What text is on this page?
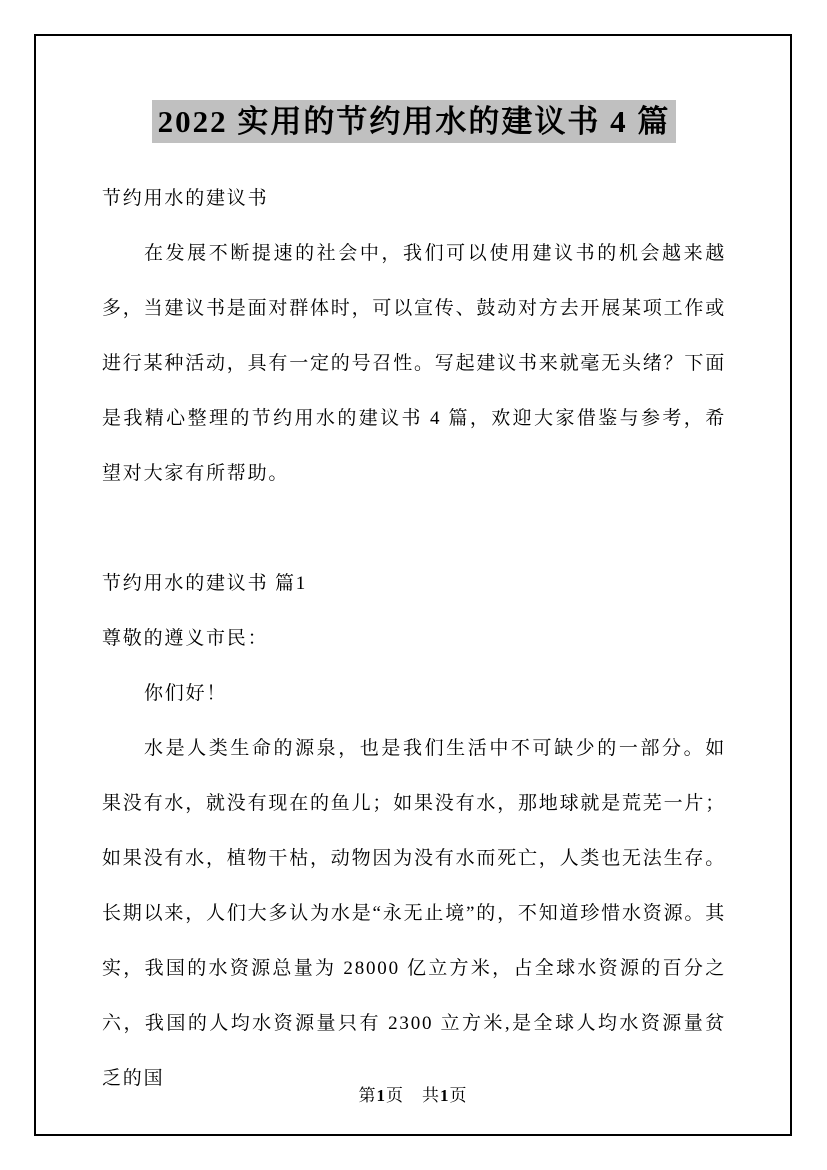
2022 实用的节约用水的建议书 4 篇

节约用水的建议书

在发展不断提速的社会中，我们可以使用建议书的机会越来越多，当建议书是面对群体时，可以宣传、鼓动对方去开展某项工作或进行某种活动，具有一定的号召性。写起建议书来就毫无头绪？下面是我精心整理的节约用水的建议书 4 篇，欢迎大家借鉴与参考，希望对大家有所帮助。

节约用水的建议书 篇1

尊敬的遵义市民：

你们好！

水是人类生命的源泉，也是我们生活中不可缺少的一部分。如果没有水，就没有现在的鱼儿；如果没有水，那地球就是荒芜一片；如果没有水，植物干枯，动物因为没有水而死亡，人类也无法生存。长期以来，人们大多认为水是“永无止境”的，不知道珍惜水资源。其实，我国的水资源总量为 28000 亿立方米，占全球水资源的百分之六，我国的人均水资源量只有 2300 立方米,是全球人均水资源量贫乏的国

第1页　 共1页
